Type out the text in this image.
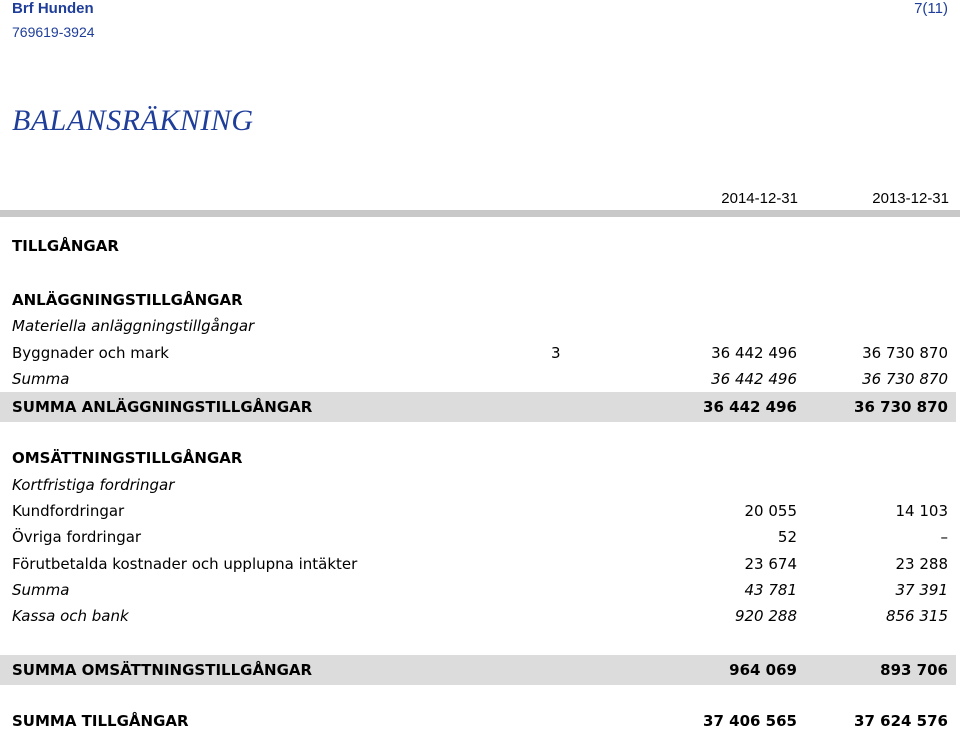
Brf Hunden
769619-3924
7(11)
BALANSRÄKNING
2014-12-31	2013-12-31
TILLGÅNGAR
ANLÄGGNINGSTILLGÅNGAR
Materiella anläggningstillgångar
Byggnader och mark	3	36 442 496	36 730 870
Summa	36 442 496	36 730 870
SUMMA ANLÄGGNINGSTILLGÅNGAR	36 442 496	36 730 870
OMSÄTTNINGSTILLGÅNGAR
Kortfristiga fordringar
Kundfordringar	20 055	14 103
Övriga fordringar	52	–
Förutbetalda kostnader och upplupna intäkter	23 674	23 288
Summa	43 781	37 391
Kassa och bank	920 288	856 315
SUMMA OMSÄTTNINGSTILLGÅNGAR	964 069	893 706
SUMMA TILLGÅNGAR	37 406 565	37 624 576
